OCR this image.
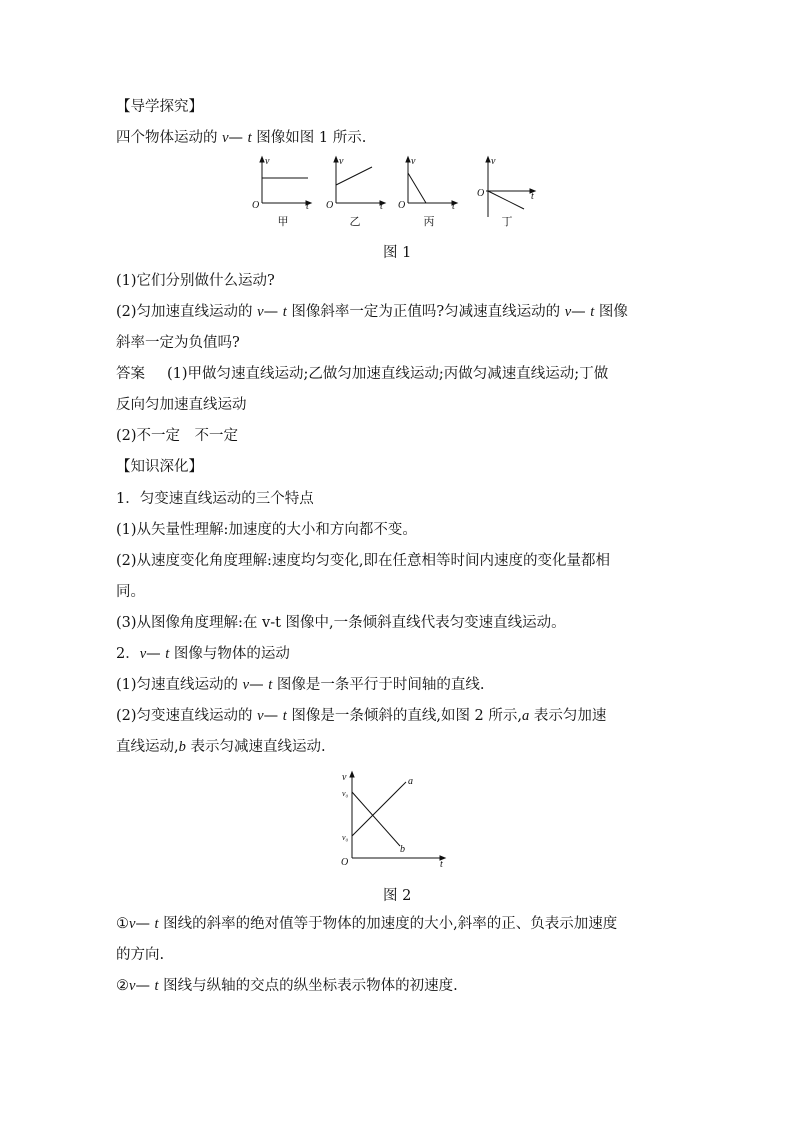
【导学探究】
四个物体运动的 v— t 图像如图 1 所示.
v
t
O
v
t
O
v
t
O
v
t
O
甲	乙	丙	丁
图 1
(1)它们分别做什么运动?
(2)匀加速直线运动的 v— t 图像斜率一定为正值吗?匀减速直线运动的 v— t 图像
斜率一定为负值吗?
答案 (1)甲做匀速直线运动;乙做匀加速直线运动;丙做匀减速直线运动;丁做
反向匀加速直线运动
(2)不一定　不一定
【知识深化】
1．匀变速直线运动的三个特点
(1)从矢量性理解:加速度的大小和方向都不变。
(2)从速度变化角度理解:速度均匀变化,即在任意相等时间内速度的变化量都相
同。
(3)从图像角度理解:在 v-t 图像中,一条倾斜直线代表匀变速直线运动。
2．v— t 图像与物体的运动
(1)匀速直线运动的 v— t 图像是一条平行于时间轴的直线.
(2)匀变速直线运动的 v— t 图像是一条倾斜的直线,如图 2 所示,a 表示匀加速
直线运动,b 表示匀减速直线运动.
v
t
O
v₀
v₀
a
b
图 2
①v— t 图线的斜率的绝对值等于物体的加速度的大小,斜率的正、负表示加速度
的方向.
②v— t 图线与纵轴的交点的纵坐标表示物体的初速度.
